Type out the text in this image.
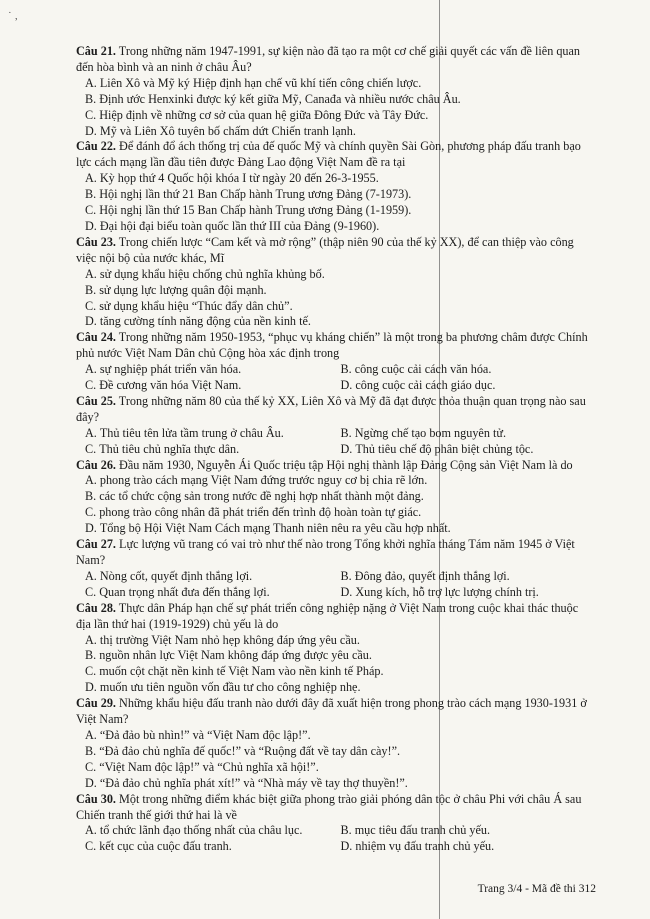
˙ ‚

Câu 21. Trong những năm 1947-1991, sự kiện nào đã tạo ra một cơ chế giải quyết các vấn đề liên quan đến hòa bình và an ninh ở châu Âu?

A. Liên Xô và Mỹ ký Hiệp định hạn chế vũ khí tiến công chiến lược.
B. Định ước Henxinki được ký kết giữa Mỹ, Canađa và nhiều nước châu Âu.
C. Hiệp định về những cơ sở của quan hệ giữa Đông Đức và Tây Đức.
D. Mỹ và Liên Xô tuyên bố chấm dứt Chiến tranh lạnh.

Câu 22. Để đánh đổ ách thống trị của đế quốc Mỹ và chính quyền Sài Gòn, phương pháp đấu tranh bạo lực cách mạng lần đầu tiên được Đảng Lao động Việt Nam đề ra tại

A. Kỳ họp thứ 4 Quốc hội khóa I từ ngày 20 đến 26-3-1955.
B. Hội nghị lần thứ 21 Ban Chấp hành Trung ương Đảng (7-1973).
C. Hội nghị lần thứ 15 Ban Chấp hành Trung ương Đảng (1-1959).
D. Đại hội đại biểu toàn quốc lần thứ III của Đảng (9-1960).

Câu 23. Trong chiến lược “Cam kết và mở rộng” (thập niên 90 của thế kỷ XX), để can thiệp vào công việc nội bộ của nước khác, Mĩ

A. sử dụng khẩu hiệu chống chủ nghĩa khủng bố.
B. sử dụng lực lượng quân đội mạnh.
C. sử dụng khẩu hiệu “Thúc đẩy dân chủ”.
D. tăng cường tính năng động của nền kinh tế.

Câu 24. Trong những năm 1950-1953, “phục vụ kháng chiến” là một trong ba phương châm được Chính phủ nước Việt Nam Dân chủ Cộng hòa xác định trong

A. sự nghiệp phát triển văn hóa.	B. công cuộc cải cách văn hóa.
C. Đề cương văn hóa Việt Nam.	D. công cuộc cải cách giáo dục.

Câu 25. Trong những năm 80 của thế kỷ XX, Liên Xô và Mỹ đã đạt được thỏa thuận quan trọng nào sau đây?

A. Thủ tiêu tên lửa tầm trung ở châu Âu.	B. Ngừng chế tạo bom nguyên tử.
C. Thủ tiêu chủ nghĩa thực dân.	D. Thủ tiêu chế độ phân biệt chủng tộc.

Câu 26. Đầu năm 1930, Nguyễn Ái Quốc triệu tập Hội nghị thành lập Đảng Cộng sản Việt Nam là do

A. phong trào cách mạng Việt Nam đứng trước nguy cơ bị chia rẽ lớn.
B. các tổ chức cộng sản trong nước đề nghị hợp nhất thành một đảng.
C. phong trào công nhân đã phát triển đến trình độ hoàn toàn tự giác.
D. Tổng bộ Hội Việt Nam Cách mạng Thanh niên nêu ra yêu cầu hợp nhất.

Câu 27. Lực lượng vũ trang có vai trò như thế nào trong Tổng khởi nghĩa tháng Tám năm 1945 ở Việt Nam?

A. Nòng cốt, quyết định thắng lợi.	B. Đông đảo, quyết định thắng lợi.
C. Quan trọng nhất đưa đến thắng lợi.	D. Xung kích, hỗ trợ lực lượng chính trị.

Câu 28. Thực dân Pháp hạn chế sự phát triển công nghiệp nặng ở Việt Nam trong cuộc khai thác thuộc địa lần thứ hai (1919-1929) chủ yếu là do

A. thị trường Việt Nam nhỏ hẹp không đáp ứng yêu cầu.
B. nguồn nhân lực Việt Nam không đáp ứng được yêu cầu.
C. muốn cột chặt nền kinh tế Việt Nam vào nền kinh tế Pháp.
D. muốn ưu tiên nguồn vốn đầu tư cho công nghiệp nhẹ.

Câu 29. Những khẩu hiệu đấu tranh nào dưới đây đã xuất hiện trong phong trào cách mạng 1930-1931 ở Việt Nam?

A. “Đả đảo bù nhìn!” và “Việt Nam độc lập!”.
B. “Đả đảo chủ nghĩa đế quốc!” và “Ruộng đất về tay dân cày!”.
C. “Việt Nam độc lập!” và “Chủ nghĩa xã hội!”.
D. “Đả đảo chủ nghĩa phát xít!” và “Nhà máy về tay thợ thuyền!”.

Câu 30. Một trong những điểm khác biệt giữa phong trào giải phóng dân tộc ở châu Phi với châu Á sau Chiến tranh thế giới thứ hai là về

A. tổ chức lãnh đạo thống nhất của châu lục.	B. mục tiêu đấu tranh chủ yếu.
C. kết cục của cuộc đấu tranh.	D. nhiệm vụ đấu tranh chủ yếu.
Trang 3/4 - Mã đề thi 312
